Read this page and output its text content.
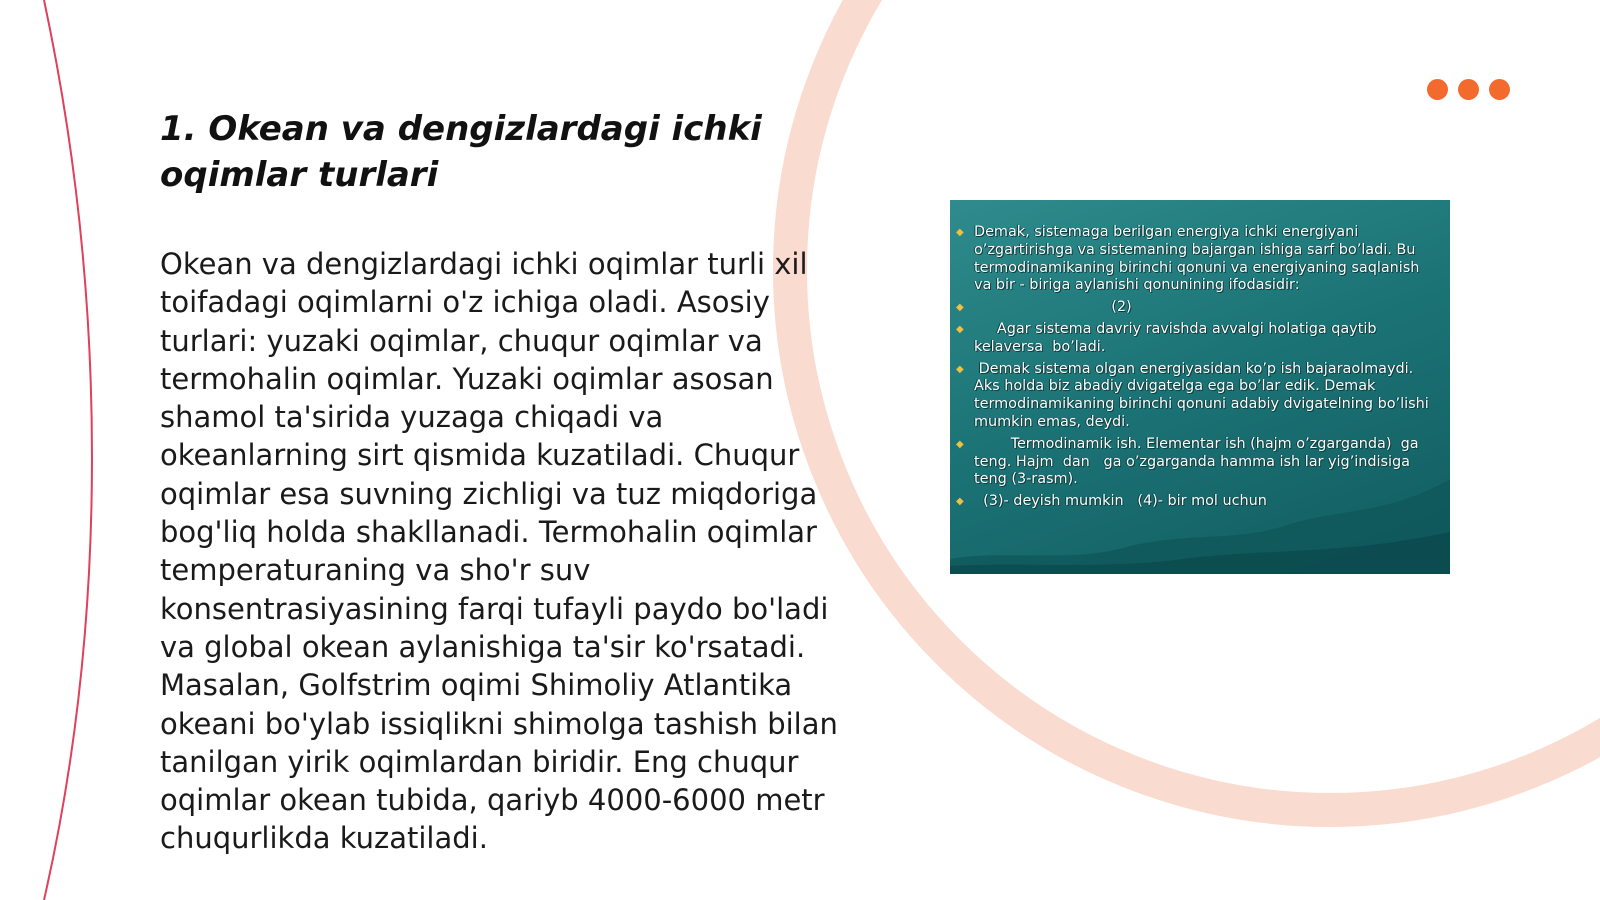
1. Okean va dengizlardagi ichki oqimlar turlari

Okean va dengizlardagi ichki oqimlar turli xil toifadagi oqimlarni o'z ichiga oladi. Asosiy turlari: yuzaki oqimlar, chuqur oqimlar va termohalin oqimlar. Yuzaki oqimlar asosan shamol ta'sirida yuzaga chiqadi va okeanlarning sirt qismida kuzatiladi. Chuqur oqimlar esa suvning zichligi va tuz miqdoriga bog'liq holda shakllanadi. Termohalin oqimlar temperaturaning va sho'r suv konsentrasiyasining farqi tufayli paydo bo'ladi va global okean aylanishiga ta'sir ko'rsatadi. Masalan, Golfstrim oqimi Shimoliy Atlantika okeani bo'ylab issiqlikni shimolga tashish bilan tanilgan yirik oqimlardan biridir. Eng chuqur oqimlar okean tubida, qariyb 4000-6000 metr chuqurlikda kuzatiladi.

◆ Demak, sistemaga berilgan energiya ichki energiyani o’zgartirishga va sistemaning bajargan ishiga sarf bo’ladi. Bu termodinamikaning birinchi qonuni va energiyaning saqlanish va bir - biriga aylanishi qonunining ifodasidir:
◆                               (2)
◆      Agar sistema davriy ravishda avvalgi holatiga qaytib kelaversa  bo’ladi.
◆  Demak sistema olgan energiyasidan ko’p ish bajaraolmaydi. Aks holda biz abadiy dvigatelga ega bo’lar edik. Demak termodinamikaning birinchi qonuni adabiy dvigatelning bo’lishi mumkin emas, deydi.
◆         Termodinamik ish. Elementar ish (hajm o’zgarganda)  ga teng. Hajm  dan   ga o’zgarganda hamma ish lar yig’indisiga teng (3-rasm).
◆   (3)- deyish mumkin   (4)- bir mol uchun
